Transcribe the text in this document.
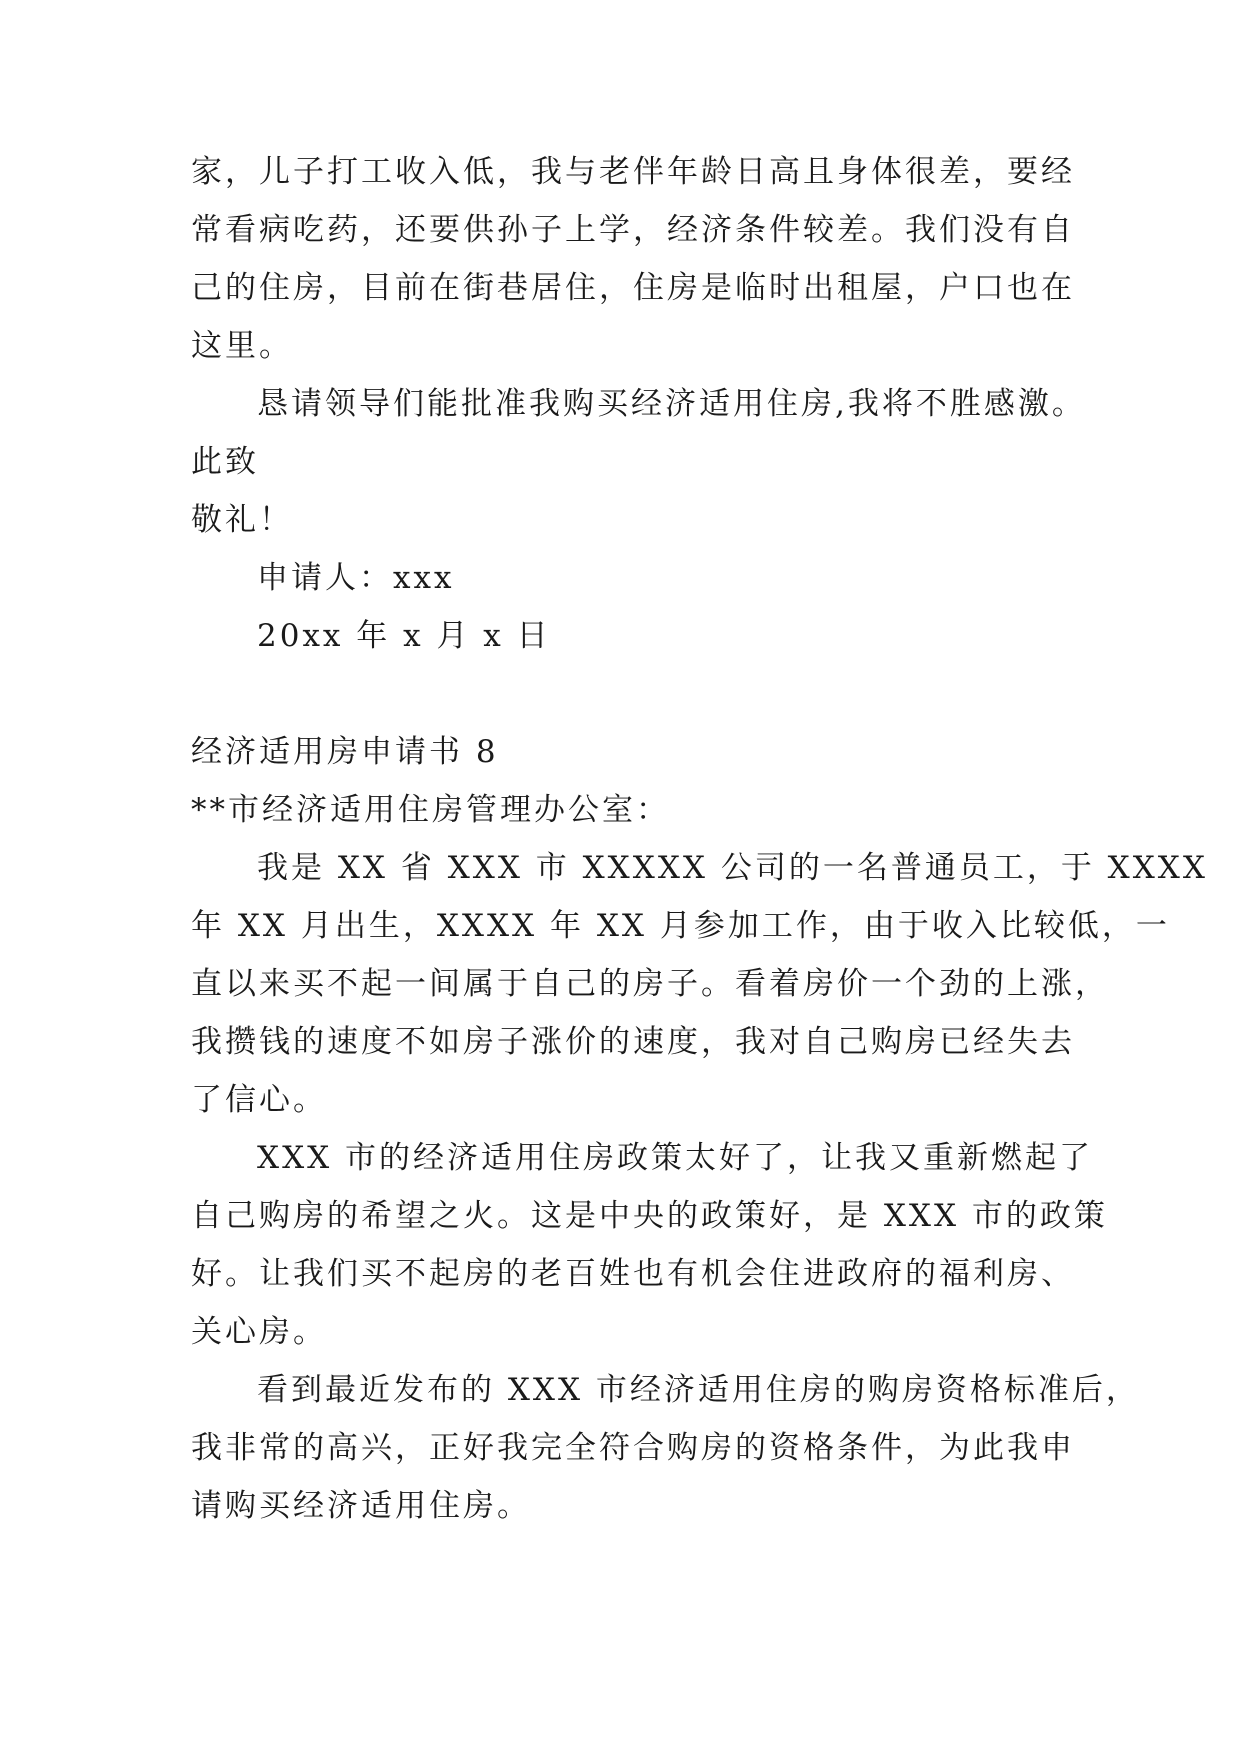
家，儿子打工收入低，我与老伴年龄日高且身体很差，要经
常看病吃药，还要供孙子上学，经济条件较差。我们没有自
己的住房，目前在街巷居住，住房是临时出租屋，户口也在
这里。
恳请领导们能批准我购买经济适用住房,我将不胜感激。
此致
敬礼！
申请人：xxx
20xx 年 x 月 x 日
经济适用房申请书 8
**市经济适用住房管理办公室：
我是 XX 省 XXX 市 XXXXX 公司的一名普通员工，于 XXXX
年 XX 月出生，XXXX 年 XX 月参加工作，由于收入比较低，一
直以来买不起一间属于自己的房子。看着房价一个劲的上涨，
我攒钱的速度不如房子涨价的速度，我对自己购房已经失去
了信心。
XXX 市的经济适用住房政策太好了，让我又重新燃起了
自己购房的希望之火。这是中央的政策好，是 XXX 市的政策
好。让我们买不起房的老百姓也有机会住进政府的福利房、
关心房。
看到最近发布的 XXX 市经济适用住房的购房资格标准后，
我非常的高兴，正好我完全符合购房的资格条件，为此我申
请购买经济适用住房。
